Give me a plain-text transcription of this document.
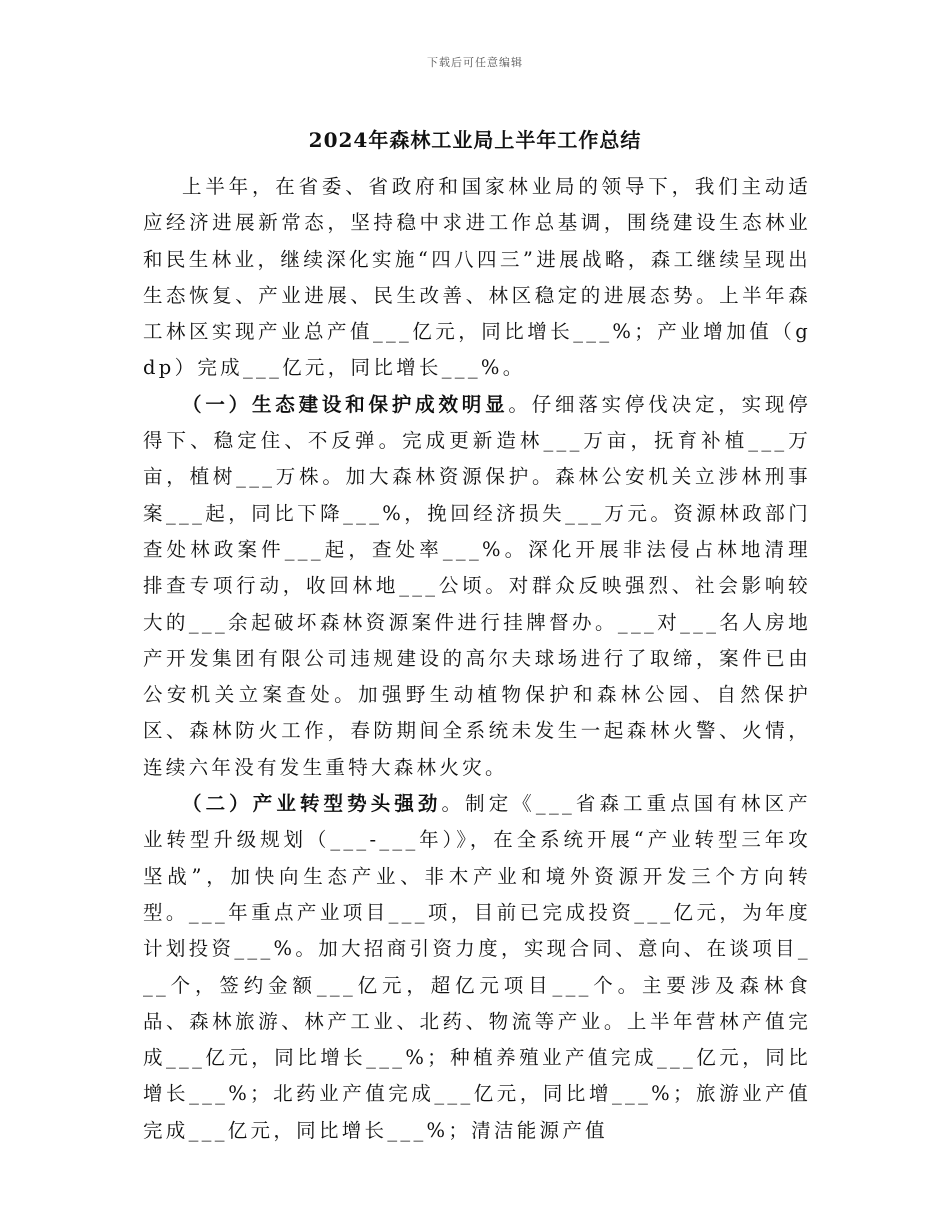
下载后可任意编辑
2024年森林工业局上半年工作总结

上半年，在省委、省政府和国家林业局的领导下，我们主动适应经济进展新常态，坚持稳中求进工作总基调，围绕建设生态林业和民生林业，继续深化实施“四八四三”进展战略，森工继续呈现出生态恢复、产业进展、民生改善、林区稳定的进展态势。上半年森工林区实现产业总产值___亿元，同比增长___%；产业增加值（gdp）完成___亿元，同比增长___%。

（一）生态建设和保护成效明显。仔细落实停伐决定，实现停得下、稳定住、不反弹。完成更新造林___万亩，抚育补植___万亩，植树___万株。加大森林资源保护。森林公安机关立涉林刑事案___起，同比下降___%，挽回经济损失___万元。资源林政部门查处林政案件___起，查处率___%。深化开展非法侵占林地清理排查专项行动，收回林地___公顷。对群众反映强烈、社会影响较大的___余起破坏森林资源案件进行挂牌督办。___对___名人房地产开发集团有限公司违规建设的高尔夫球场进行了取缔，案件已由公安机关立案查处。加强野生动植物保护和森林公园、自然保护区、森林防火工作，春防期间全系统未发生一起森林火警、火情，连续六年没有发生重特大森林火灾。

（二）产业转型势头强劲。制定《___省森工重点国有林区产业转型升级规划（___-___年）》，在全系统开展“产业转型三年攻坚战”，加快向生态产业、非木产业和境外资源开发三个方向转型。___年重点产业项目___项，目前已完成投资___亿元，为年度计划投资___%。加大招商引资力度，实现合同、意向、在谈项目___个，签约金额___亿元，超亿元项目___个。主要涉及森林食品、森林旅游、林产工业、北药、物流等产业。上半年营林产值完成___亿元，同比增长___%；种植养殖业产值完成___亿元，同比增长___%；北药业产值完成___亿元，同比增___%；旅游业产值完成___亿元，同比增长___%；清洁能源产值
